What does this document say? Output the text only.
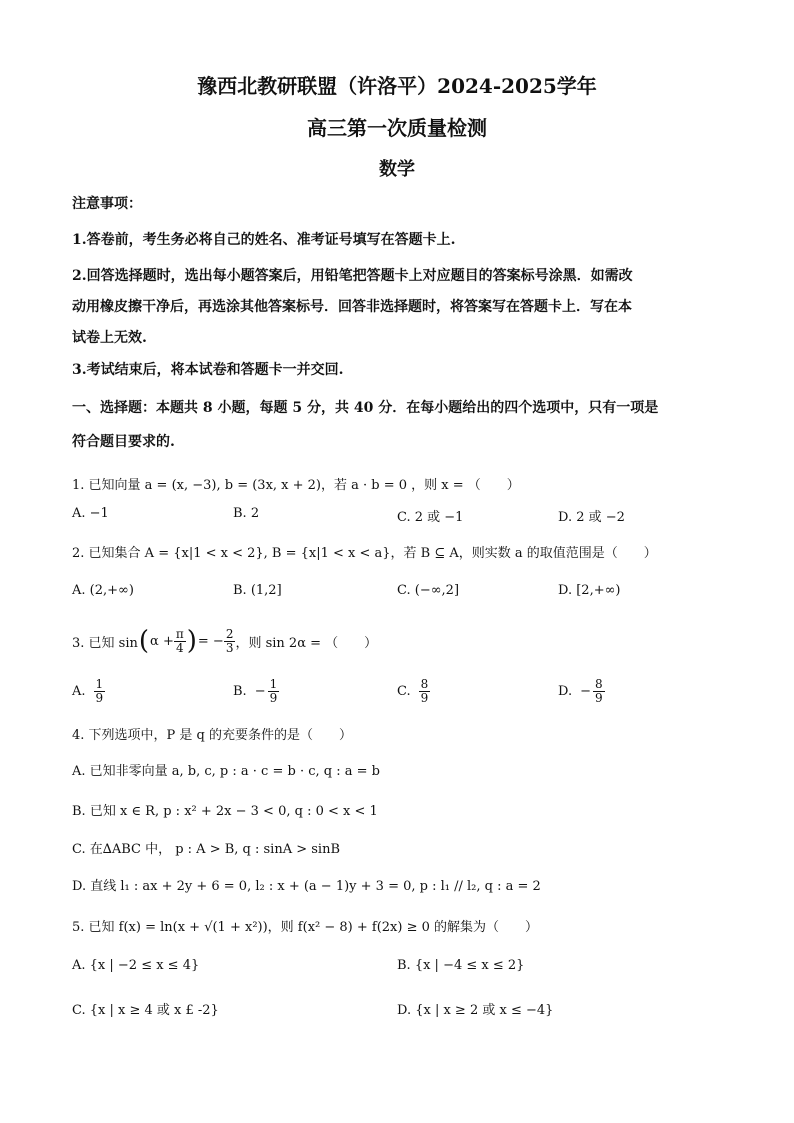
豫西北教研联盟（许洛平）2024-2025学年
高三第一次质量检测
数学
注意事项：
1.答卷前，考生务必将自己的姓名、准考证号填写在答题卡上.
2.回答选择题时，选出每小题答案后，用铅笔把答题卡上对应题目的答案标号涂黑．如需改
动用橡皮擦干净后，再选涂其他答案标号．回答非选择题时，将答案写在答题卡上．写在本
试卷上无效.
3.考试结束后，将本试卷和答题卡一并交回.
一、选择题：本题共 8 小题，每题 5 分，共 40 分．在每小题给出的四个选项中，只有一项是
符合题目要求的.
1. 已知向量 a = (x, −3), b = (3x, x + 2)，若 a · b = 0 ，则 x = （　　）
A. −1	B. 2	C. 2 或 −1	D. 2 或 −2
2. 已知集合 A = {x|1 < x < 2}, B = {x|1 < x < a}，若 B ⊆ A，则实数 a 的取值范围是（　　）
A. (2,+∞)	B. (1,2]	C. (−∞,2]	D. [2,+∞)
3. 已知 sin ( $\alpha + \frac{\pi}{4}$ ) = − $\frac{2}{3}$ ，则 sin 2α = （　　）
A. $\frac{1}{9}$	B. − $\frac{1}{9}$	C. $\frac{8}{9}$	D. − $\frac{8}{9}$
4. 下列选项中，P 是 q 的充要条件的是（　　）
A. 已知非零向量 a, b, c, p : a · c = b · c, q : a = b
B. 已知 x ∈ R, p : x² + 2x − 3 < 0, q : 0 < x < 1
C. 在∆ABC 中， p : A > B, q : sinA > sinB
D. 直线 l₁ : ax + 2y + 6 = 0, l₂ : x + (a − 1)y + 3 = 0, p : l₁ // l₂, q : a = 2
5. 已知 f(x) = ln(x + √(1 + x²))，则 f(x² − 8) + f(2x) ≥ 0 的解集为（　　）
A. {x | −2 ≤ x ≤ 4}	B. {x | −4 ≤ x ≤ 2}
C. {x | x ≥ 4 或 x £ -2}	D. {x | x ≥ 2 或 x ≤ −4}
